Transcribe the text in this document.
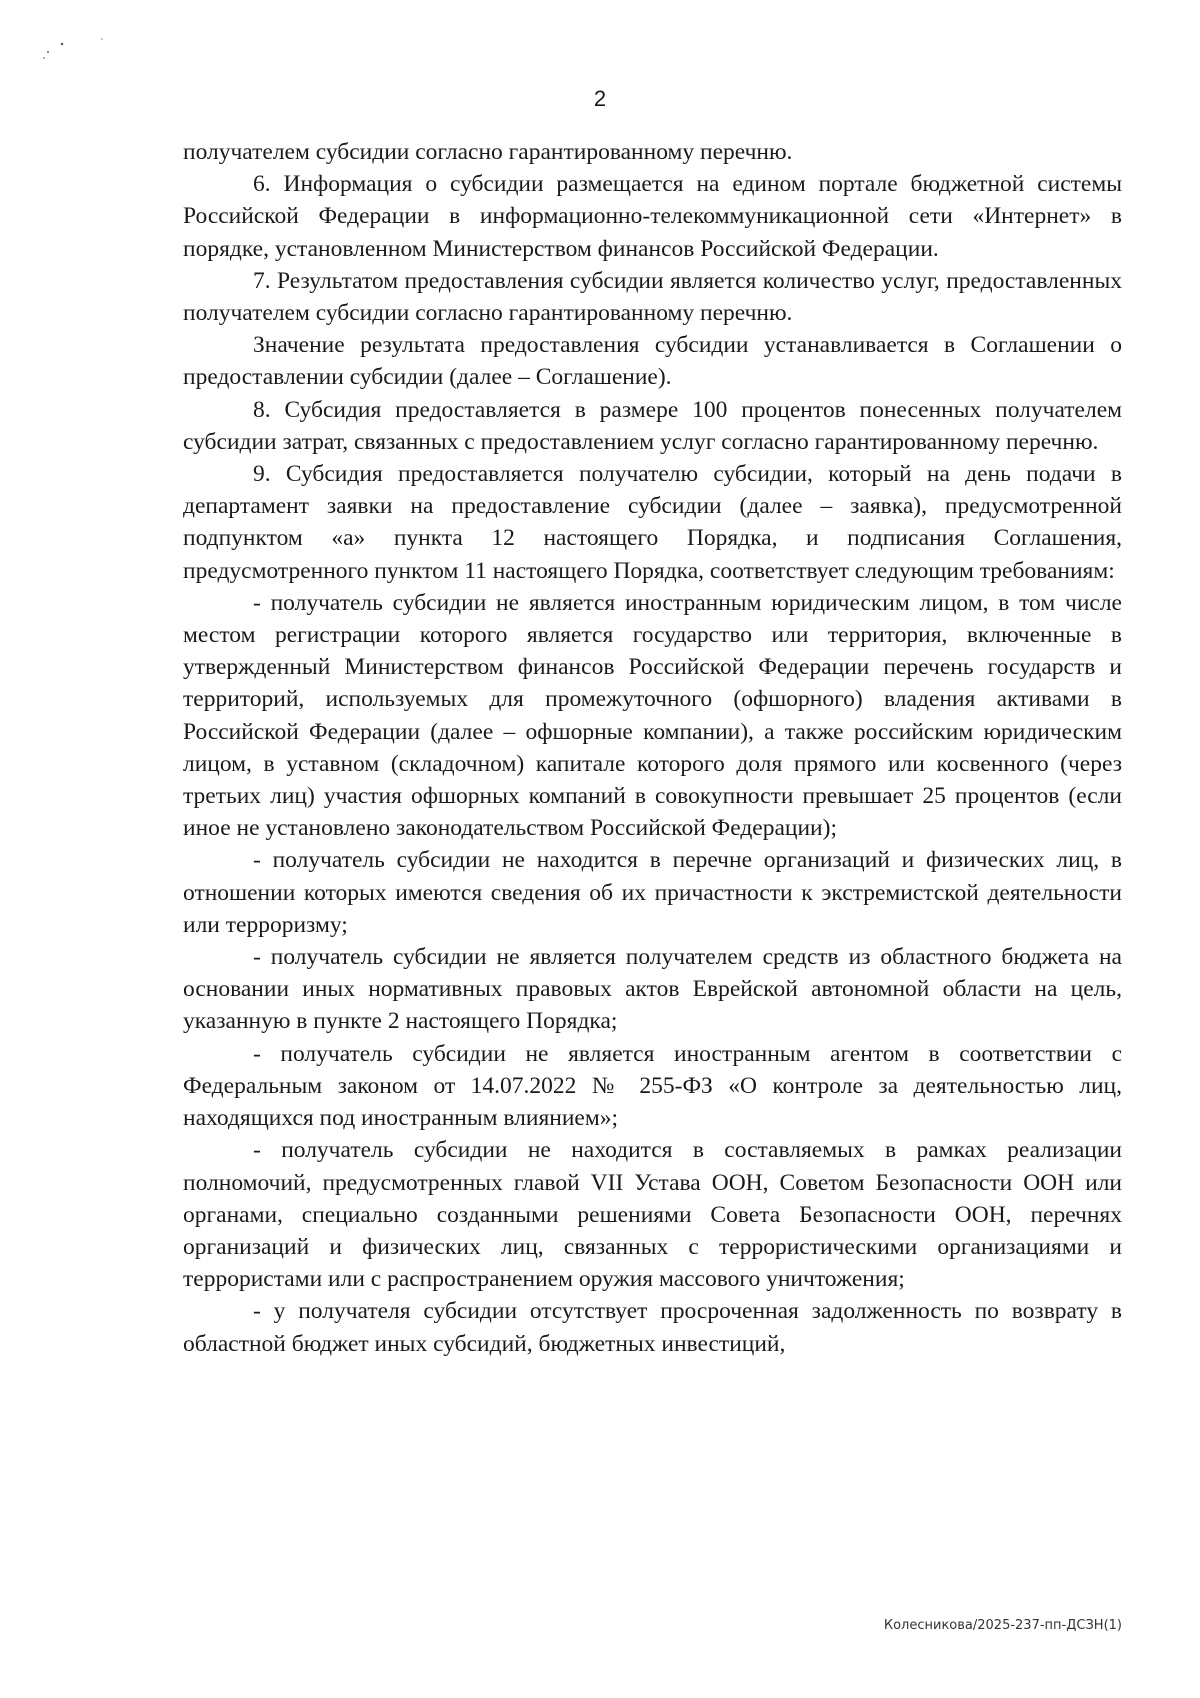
2

получателем субсидии согласно гарантированному перечню.

6. Информация о субсидии размещается на едином портале бюджетной системы Российской Федерации в информационно-телекоммуникационной сети «Интернет» в порядке, установленном Министерством финансов Российской Федерации.

7. Результатом предоставления субсидии является количество услуг, предоставленных получателем субсидии согласно гарантированному перечню.

Значение результата предоставления субсидии устанавливается в Соглашении о предоставлении субсидии (далее – Соглашение).

8. Субсидия предоставляется в размере 100 процентов понесенных получателем субсидии затрат, связанных с предоставлением услуг согласно гарантированному перечню.

9. Субсидия предоставляется получателю субсидии, который на день подачи в департамент заявки на предоставление субсидии (далее – заявка), предусмотренной подпунктом «а» пункта 12 настоящего Порядка, и подписания Соглашения, предусмотренного пунктом 11 настоящего Порядка, соответствует следующим требованиям:

- получатель субсидии не является иностранным юридическим лицом, в том числе местом регистрации которого является государство или территория, включенные в утвержденный Министерством финансов Российской Федерации перечень государств и территорий, используемых для промежуточного (офшорного) владения активами в Российской Федерации (далее – офшорные компании), а также российским юридическим лицом, в уставном (складочном) капитале которого доля прямого или косвенного (через третьих лиц) участия офшорных компаний в совокупности превышает 25 процентов (если иное не установлено законодательством Российской Федерации);

- получатель субсидии не находится в перечне организаций и физических лиц, в отношении которых имеются сведения об их причастности к экстремистской деятельности или терроризму;

- получатель субсидии не является получателем средств из областного бюджета на основании иных нормативных правовых актов Еврейской автономной области на цель, указанную в пункте 2 настоящего Порядка;

- получатель субсидии не является иностранным агентом в соответствии с Федеральным законом от 14.07.2022 № 255-ФЗ «О контроле за деятельностью лиц, находящихся под иностранным влиянием»;

- получатель субсидии не находится в составляемых в рамках реализации полномочий, предусмотренных главой VII Устава ООН, Советом Безопасности ООН или органами, специально созданными решениями Совета Безопасности ООН, перечнях организаций и физических лиц, связанных с террористическими организациями и террористами или с распространением оружия массового уничтожения;

- у получателя субсидии отсутствует просроченная задолженность по возврату в областной бюджет иных субсидий, бюджетных инвестиций,

Колесникова/2025-237-пп-ДСЗН(1)
